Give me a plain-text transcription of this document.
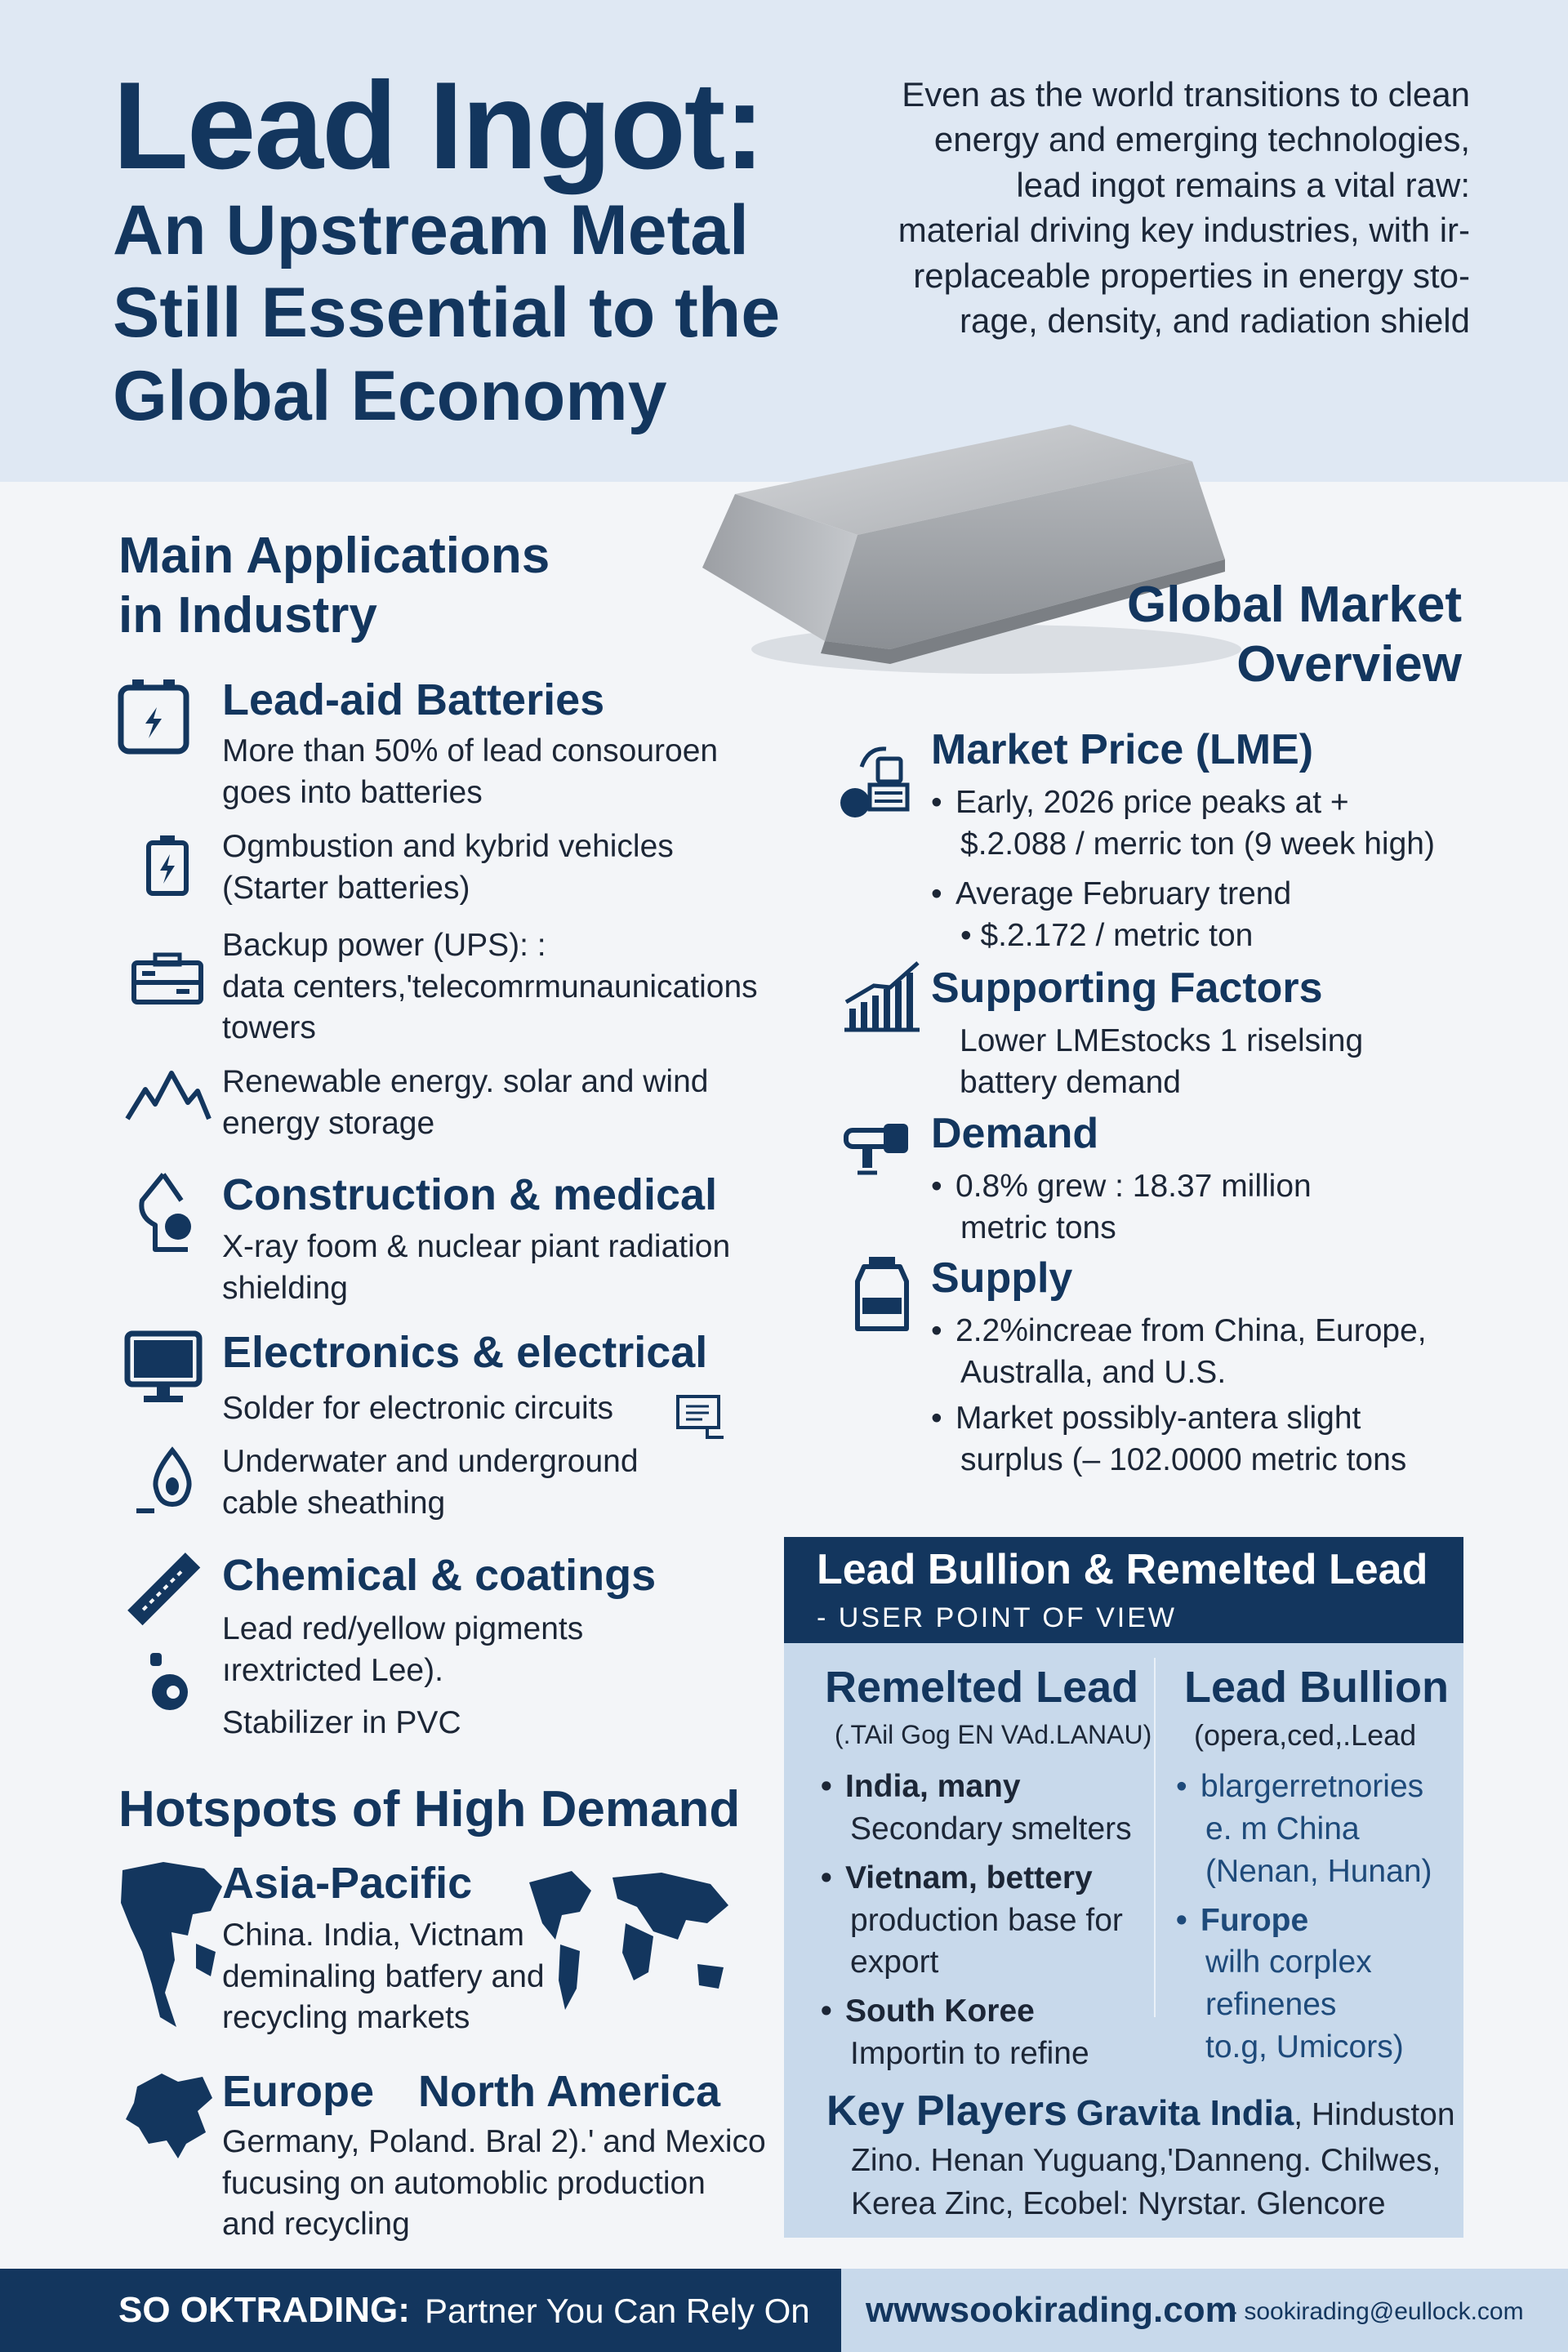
Lead Ingot:
An Upstream Metal
Still Essential to the
Global Economy
Even as the world transitions to clean
energy and emerging technologies,
lead ingot remains a vital raw:
material driving key industries, with ir-
replaceable properties in energy sto-
rage, density, and radiation shield
Main Applications
in Industry
Lead-aid Batteries
More than 50% of lead consouroen
goes into batteries
Ogmbustion and kybrid vehicles
(Starter batteries)
Backup power (UPS): :
data centers,'telecomrmunaunications
towers
Renewable energy. solar and wind
energy storage
Construction & medical
X-ray foom & nuclear piant radiation
shielding
Electronics & electrical
Solder for electronic circuits
Underwater and underground
cable sheathing
Chemical & coatings
Lead red/yellow pigments
ırextricted Lee).
Stabilizer in PVC
Hotspots of High Demand
Asia-Pacific
China. India, Victnam
deminaling batfery and
recycling markets
Europe North America
Germany, Poland. Bral 2).' and Mexico
fucusing on automoblic production
and recycling
Global Market
Overview
Market Price (LME)
• Early, 2026 price peaks at +
$.2.088 / merric ton (9 week high)
• Average February trend
• $.2.172 / metric ton
Supporting Factors
Lower LMEstocks 1 riselsing
battery demand
Demand
• 0.8% grew : 18.37 million
metric tons
Supply
• 2.2%increae from China, Europe,
Australla, and U.S.
• Market possibly-antera slight
surplus (– 102.0000 metric tons
Lead Bullion & Remelted Lead
- USER POINT OF VIEW
Remelted Lead
(.TAil Gog EN VAd.LANAU)
• India, many
Secondary smelters
• Vietnam, bettery
production base for
export
• South Koree
Importin to refine
Lead Bullion
(opera,ced,.Lead
• blargerretnories
e. m China
(Nenan, Hunan)
• Furope
wilh corplex
refinenes
to.g, Umicors)
Key Players Gravita India, Hinduston
Zino. Henan Yuguang,'Danneng. Chilwes,
Kerea Zinc, Ecobel: Nyrstar. Glencore
SO OKTRADING: Partner You Can Rely On wwwsookirading.com
- sookirading@eullock.com
